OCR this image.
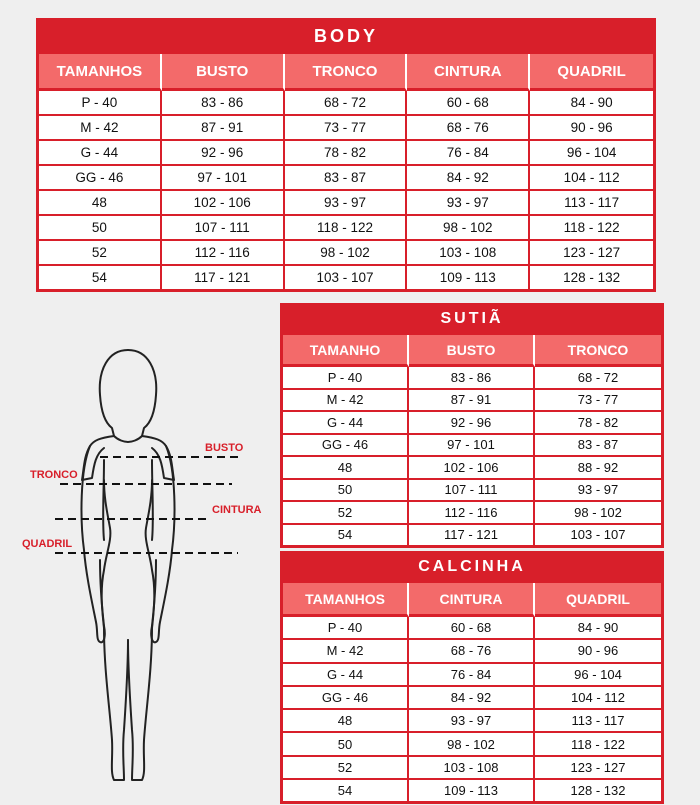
BODY
TAMANHOS	BUSTO	TRONCO	CINTURA	QUADRIL
P - 40	83 - 86	68 - 72	60 - 68	84 - 90
M - 42	87 - 91	73 - 77	68 - 76	90 - 96
G - 44	92 - 96	78 - 82	76 - 84	96 - 104
GG - 46	97 - 101	83 - 87	84 - 92	104 - 112
48	102 - 106	93 - 97	93 - 97	113 - 117
50	107 - 111	118 - 122	98 - 102	118 - 122
52	112 - 116	98 - 102	103 - 108	123 - 127
54	117 - 121	103 - 107	109 - 113	128 - 132
SUTIÃ
TAMANHO	BUSTO	TRONCO
P - 40	83 - 86	68 - 72
M - 42	87 - 91	73 - 77
G - 44	92 - 96	78 - 82
GG - 46	97 - 101	83 - 87
48	102 - 106	88 - 92
50	107 - 111	93 - 97
52	112 - 116	98 - 102
54	117 - 121	103 - 107
CALCINHA
TAMANHOS	CINTURA	QUADRIL
P - 40	60 - 68	84 - 90
M - 42	68 - 76	90 - 96
G - 44	76 - 84	96 - 104
GG - 46	84 - 92	104 - 112
48	93 - 97	113 - 117
50	98 - 102	118 - 122
52	103 - 108	123 - 127
54	109 - 113	128 - 132
BUSTO
TRONCO
CINTURA
QUADRIL
